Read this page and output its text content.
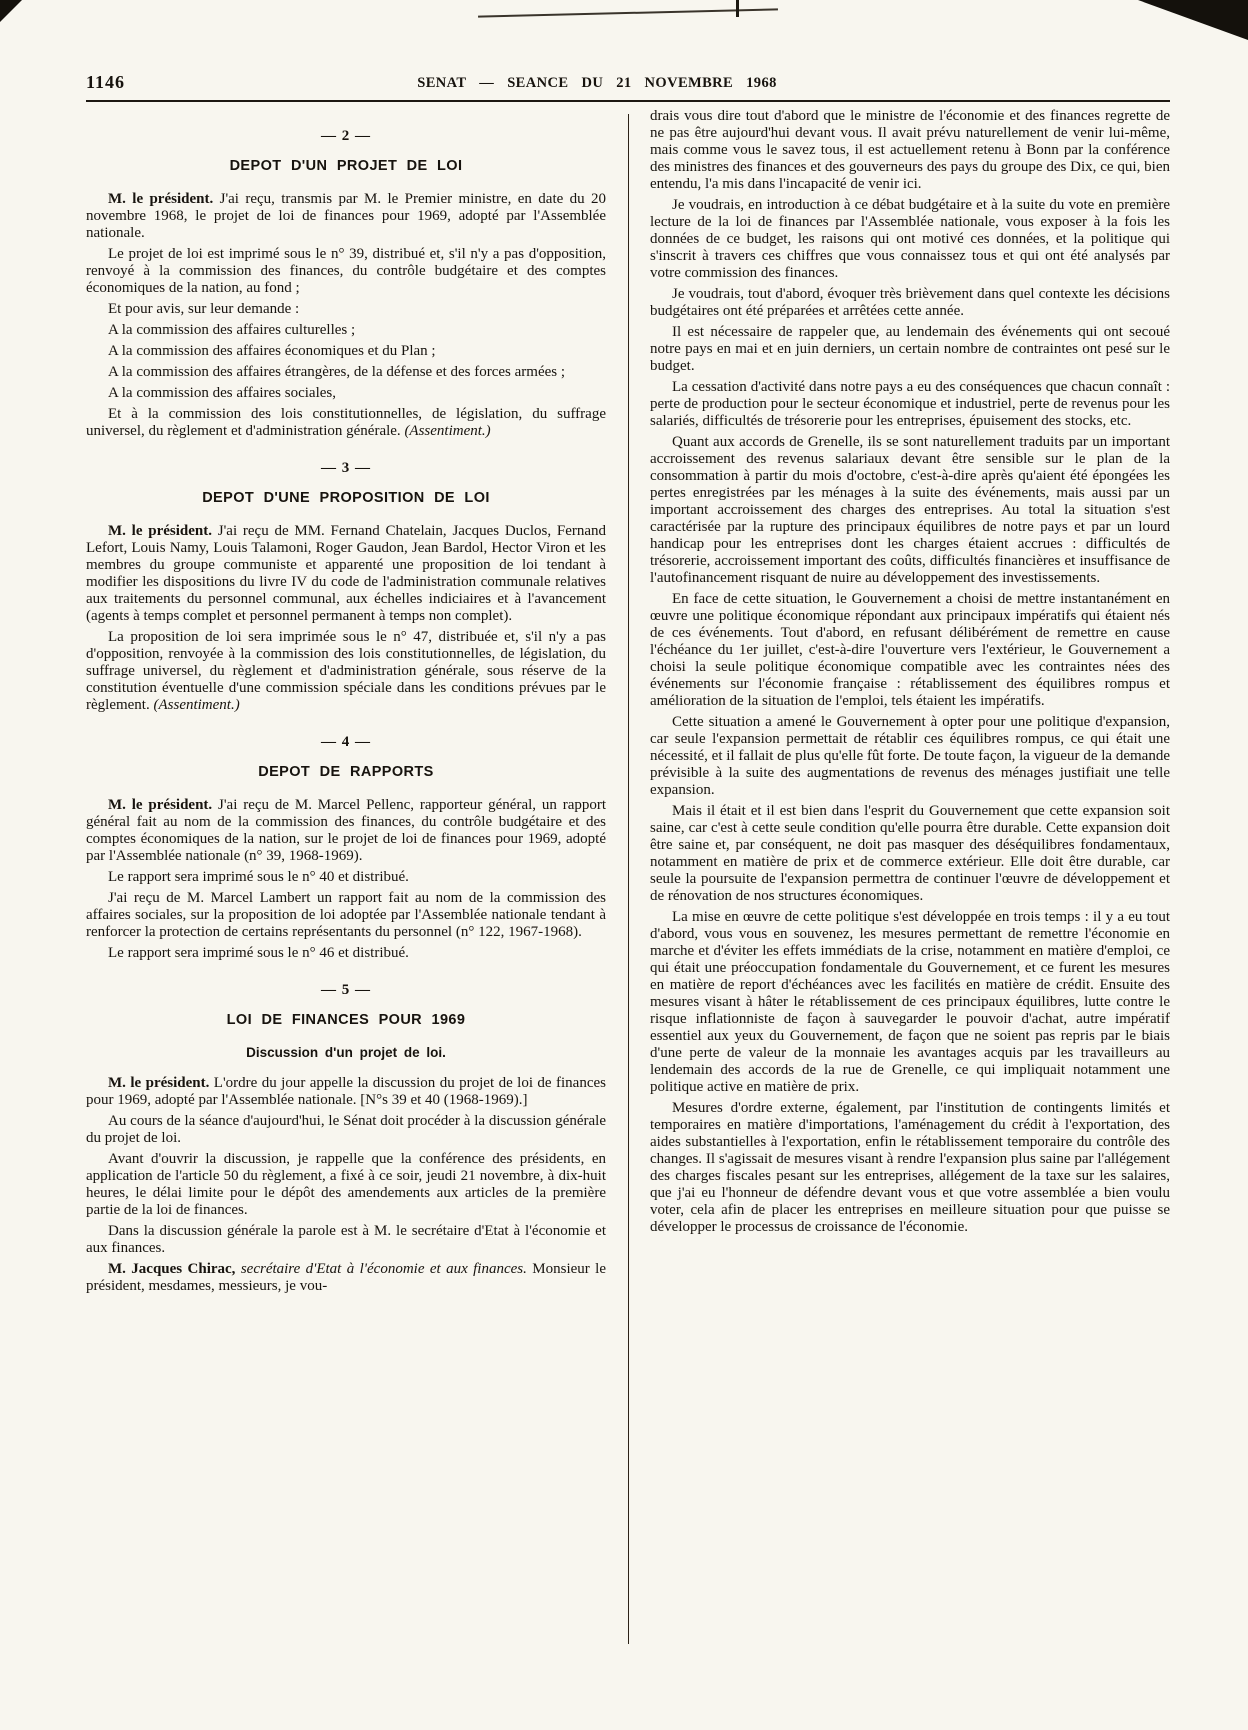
1146	SENAT — SEANCE DU 21 NOVEMBRE 1968
— 2 —
DEPOT D'UN PROJET DE LOI

M. le président. J'ai reçu, transmis par M. le Premier ministre, en date du 20 novembre 1968, le projet de loi de finances pour 1969, adopté par l'Assemblée nationale.

Le projet de loi est imprimé sous le n° 39, distribué et, s'il n'y a pas d'opposition, renvoyé à la commission des finances, du contrôle budgétaire et des comptes économiques de la nation, au fond ;

Et pour avis, sur leur demande :

A la commission des affaires culturelles ;

A la commission des affaires économiques et du Plan ;

A la commission des affaires étrangères, de la défense et des forces armées ;

A la commission des affaires sociales,

Et à la commission des lois constitutionnelles, de législation, du suffrage universel, du règlement et d'administration générale. (Assentiment.)

— 3 —
DEPOT D'UNE PROPOSITION DE LOI

M. le président. J'ai reçu de MM. Fernand Chatelain, Jacques Duclos, Fernand Lefort, Louis Namy, Louis Talamoni, Roger Gaudon, Jean Bardol, Hector Viron et les membres du groupe communiste et apparenté une proposition de loi tendant à modifier les dispositions du livre IV du code de l'administration communale relatives aux traitements du personnel communal, aux échelles indiciaires et à l'avancement (agents à temps complet et personnel permanent à temps non complet).

La proposition de loi sera imprimée sous le n° 47, distribuée et, s'il n'y a pas d'opposition, renvoyée à la commission des lois constitutionnelles, de législation, du suffrage universel, du règlement et d'administration générale, sous réserve de la constitution éventuelle d'une commission spéciale dans les conditions prévues par le règlement. (Assentiment.)

— 4 —
DEPOT DE RAPPORTS

M. le président. J'ai reçu de M. Marcel Pellenc, rapporteur général, un rapport général fait au nom de la commission des finances, du contrôle budgétaire et des comptes économiques de la nation, sur le projet de loi de finances pour 1969, adopté par l'Assemblée nationale (n° 39, 1968-1969).

Le rapport sera imprimé sous le n° 40 et distribué.

J'ai reçu de M. Marcel Lambert un rapport fait au nom de la commission des affaires sociales, sur la proposition de loi adoptée par l'Assemblée nationale tendant à renforcer la protection de certains représentants du personnel (n° 122, 1967-1968).

Le rapport sera imprimé sous le n° 46 et distribué.

— 5 —
LOI DE FINANCES POUR 1969
Discussion d'un projet de loi.

M. le président. L'ordre du jour appelle la discussion du projet de loi de finances pour 1969, adopté par l'Assemblée nationale. [N°s 39 et 40 (1968-1969).]

Au cours de la séance d'aujourd'hui, le Sénat doit procéder à la discussion générale du projet de loi.

Avant d'ouvrir la discussion, je rappelle que la conférence des présidents, en application de l'article 50 du règlement, a fixé à ce soir, jeudi 21 novembre, à dix-huit heures, le délai limite pour le dépôt des amendements aux articles de la première partie de la loi de finances.

Dans la discussion générale la parole est à M. le secrétaire d'Etat à l'économie et aux finances.

M. Jacques Chirac, secrétaire d'Etat à l'économie et aux finances. Monsieur le président, mesdames, messieurs, je vou-

drais vous dire tout d'abord que le ministre de l'économie et des finances regrette de ne pas être aujourd'hui devant vous. Il avait prévu naturellement de venir lui-même, mais comme vous le savez tous, il est actuellement retenu à Bonn par la conférence des ministres des finances et des gouverneurs des pays du groupe des Dix, ce qui, bien entendu, l'a mis dans l'incapacité de venir ici.

Je voudrais, en introduction à ce débat budgétaire et à la suite du vote en première lecture de la loi de finances par l'Assemblée nationale, vous exposer à la fois les données de ce budget, les raisons qui ont motivé ces données, et la politique qui s'inscrit à travers ces chiffres que vous connaissez tous et qui ont été analysés par votre commission des finances.

Je voudrais, tout d'abord, évoquer très brièvement dans quel contexte les décisions budgétaires ont été préparées et arrêtées cette année.

Il est nécessaire de rappeler que, au lendemain des événements qui ont secoué notre pays en mai et en juin derniers, un certain nombre de contraintes ont pesé sur le budget.

La cessation d'activité dans notre pays a eu des conséquences que chacun connaît : perte de production pour le secteur économique et industriel, perte de revenus pour les salariés, difficultés de trésorerie pour les entreprises, épuisement des stocks, etc.

Quant aux accords de Grenelle, ils se sont naturellement traduits par un important accroissement des revenus salariaux devant être sensible sur le plan de la consommation à partir du mois d'octobre, c'est-à-dire après qu'aient été épongées les pertes enregistrées par les ménages à la suite des événements, mais aussi par un important accroissement des charges des entreprises. Au total la situation s'est caractérisée par la rupture des principaux équilibres de notre pays et par un lourd handicap pour les entreprises dont les charges étaient accrues : difficultés de trésorerie, accroissement important des coûts, difficultés financières et insuffisance de l'autofinancement risquant de nuire au développement des investissements.

En face de cette situation, le Gouvernement a choisi de mettre instantanément en œuvre une politique économique répondant aux principaux impératifs qui étaient nés de ces événements. Tout d'abord, en refusant délibérément de remettre en cause l'échéance du 1er juillet, c'est-à-dire l'ouverture vers l'extérieur, le Gouvernement a choisi la seule politique économique compatible avec les contraintes nées des événements sur l'économie française : rétablissement des équilibres rompus et amélioration de la situation de l'emploi, tels étaient les impératifs.

Cette situation a amené le Gouvernement à opter pour une politique d'expansion, car seule l'expansion permettait de rétablir ces équilibres rompus, ce qui était une nécessité, et il fallait de plus qu'elle fût forte. De toute façon, la vigueur de la demande prévisible à la suite des augmentations de revenus des ménages justifiait une telle expansion.

Mais il était et il est bien dans l'esprit du Gouvernement que cette expansion soit saine, car c'est à cette seule condition qu'elle pourra être durable. Cette expansion doit être saine et, par conséquent, ne doit pas masquer des déséquilibres fondamentaux, notamment en matière de prix et de commerce extérieur. Elle doit être durable, car seule la poursuite de l'expansion permettra de continuer l'œuvre de développement et de rénovation de nos structures économiques.

La mise en œuvre de cette politique s'est développée en trois temps : il y a eu tout d'abord, vous vous en souvenez, les mesures permettant de remettre l'économie en marche et d'éviter les effets immédiats de la crise, notamment en matière d'emploi, ce qui était une préoccupation fondamentale du Gouvernement, et ce furent les mesures en matière de report d'échéances avec les facilités en matière de crédit. Ensuite des mesures visant à hâter le rétablissement de ces principaux équilibres, lutte contre le risque inflationniste de façon à sauvegarder le pouvoir d'achat, autre impératif essentiel aux yeux du Gouvernement, de façon que ne soient pas repris par le biais d'une perte de valeur de la monnaie les avantages acquis par les travailleurs au lendemain des accords de la rue de Grenelle, ce qui impliquait notamment une politique active en matière de prix.

Mesures d'ordre externe, également, par l'institution de contingents limités et temporaires en matière d'importations, l'aménagement du crédit à l'exportation, des aides substantielles à l'exportation, enfin le rétablissement temporaire du contrôle des changes. Il s'agissait de mesures visant à rendre l'expansion plus saine par l'allégement des charges fiscales pesant sur les entreprises, allégement de la taxe sur les salaires, que j'ai eu l'honneur de défendre devant vous et que votre assemblée a bien voulu voter, cela afin de placer les entreprises en meilleure situation pour que puisse se développer le processus de croissance de l'économie.
